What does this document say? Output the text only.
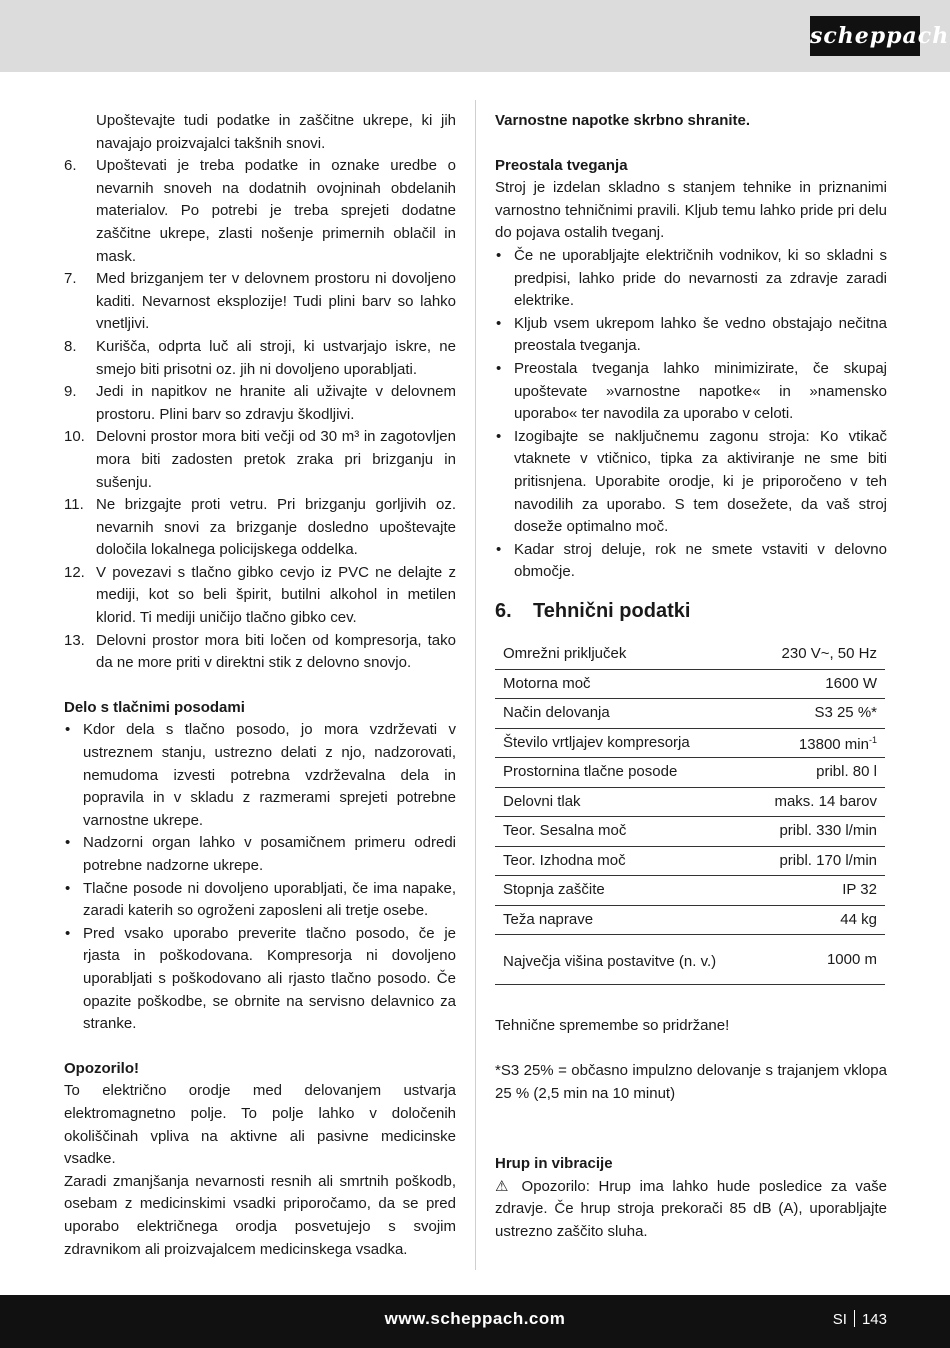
scheppach

Upoštevajte tudi podatke in zaščitne ukrepe, ki jih navajajo proizvajalci takšnih snovi.

6. Upoštevati je treba podatke in oznake uredbe o nevarnih snoveh na dodatnih ovojninah obdelanih materialov. Po potrebi je treba sprejeti dodatne zaščitne ukrepe, zlasti nošenje primernih oblačil in mask.
7. Med brizganjem ter v delovnem prostoru ni dovoljeno kaditi. Nevarnost eksplozije! Tudi plini barv so lahko vnetljivi.
8. Kurišča, odprta luč ali stroji, ki ustvarjajo iskre, ne smejo biti prisotni oz. jih ni dovoljeno uporabljati.
9. Jedi in napitkov ne hranite ali uživajte v delovnem prostoru. Plini barv so zdravju škodljivi.
10. Delovni prostor mora biti večji od 30 m³ in zagotovljen mora biti zadosten pretok zraka pri brizganju in sušenju.
11. Ne brizgajte proti vetru. Pri brizganju gorljivih oz. nevarnih snovi za brizganje dosledno upoštevajte določila lokalnega policijskega oddelka.
12. V povezavi s tlačno gibko cevjo iz PVC ne delajte z mediji, kot so beli špirit, butilni alkohol in metilen klorid. Ti mediji uničijo tlačno gibko cev.
13. Delovni prostor mora biti ločen od kompresorja, tako da ne more priti v direktni stik z delovno snovjo.
Delo s tlačnimi posodami
• Kdor dela s tlačno posodo, jo mora vzdrževati v ustreznem stanju, ustrezno delati z njo, nadzorovati, nemudoma izvesti potrebna vzdrževalna dela in popravila in v skladu z razmerami sprejeti potrebne varnostne ukrepe.
• Nadzorni organ lahko v posamičnem primeru odredi potrebne nadzorne ukrepe.
• Tlačne posode ni dovoljeno uporabljati, če ima napake, zaradi katerih so ogroženi zaposleni ali tretje osebe.
• Pred vsako uporabo preverite tlačno posodo, če je rjasta in poškodovana. Kompresorja ni dovoljeno uporabljati s poškodovano ali rjasto tlačno posodo. Če opazite poškodbe, se obrnite na servisno delavnico za stranke.
Opozorilo!

To električno orodje med delovanjem ustvarja elektromagnetno polje. To polje lahko v določenih okoliščinah vpliva na aktivne ali pasivne medicinske vsadke.

Zaradi zmanjšanja nevarnosti resnih ali smrtnih poškodb, osebam z medicinskimi vsadki priporočamo, da se pred uporabo električnega orodja posvetujejo s svojim zdravnikom ali proizvajalcem medicinskega vsadka.

Varnostne napotke skrbno shranite.
Preostala tveganja

Stroj je izdelan skladno s stanjem tehnike in priznanimi varnostno tehničnimi pravili. Kljub temu lahko pride pri delu do pojava ostalih tveganj.

• Če ne uporabljajte električnih vodnikov, ki so skladni s predpisi, lahko pride do nevarnosti za zdravje zaradi elektrike.
• Kljub vsem ukrepom lahko še vedno obstajajo nečitna preostala tveganja.
• Preostala tveganja lahko minimizirate, če skupaj upoštevate »varnostne napotke« in »namensko uporabo« ter navodila za uporabo v celoti.
• Izogibajte se naključnemu zagonu stroja: Ko vtikač vtaknete v vtičnico, tipka za aktiviranje ne sme biti pritisnjena. Uporabite orodje, ki je priporočeno v teh navodilih za uporabo. S tem dosežete, da vaš stroj doseže optimalno moč.
• Kadar stroj deluje, rok ne smete vstaviti v delovno območje.
6. Tehnični podatki
Omrežni priključek	230 V~, 50 Hz
Motorna moč	1600 W
Način delovanja	S3 25 %*
Število vrtljajev kompresorja	13800 $\min^{-1}$
Prostornina tlačne posode	pribl. 80 l
Delovni tlak	maks. 14 barov
Teor. Sesalna moč	pribl. 330 l/min
Teor. Izhodna moč	pribl. 170 l/min
Stopnja zaščite	IP 32
Teža naprave	44 kg
Največja višina postavitve (n. v.)	1000 m

Tehnične spremembe so pridržane!

*S3 25% = občasno impulzno delovanje s trajanjem vklopa 25 % (2,5 min na 10 minut)

Hrup in vibracije

⚠ Opozorilo: Hrup ima lahko hude posledice za vaše zdravje. Če hrup stroja prekorači 85 dB (A), uporabljajte ustrezno zaščito sluha.

www.scheppach.com	SI 143
